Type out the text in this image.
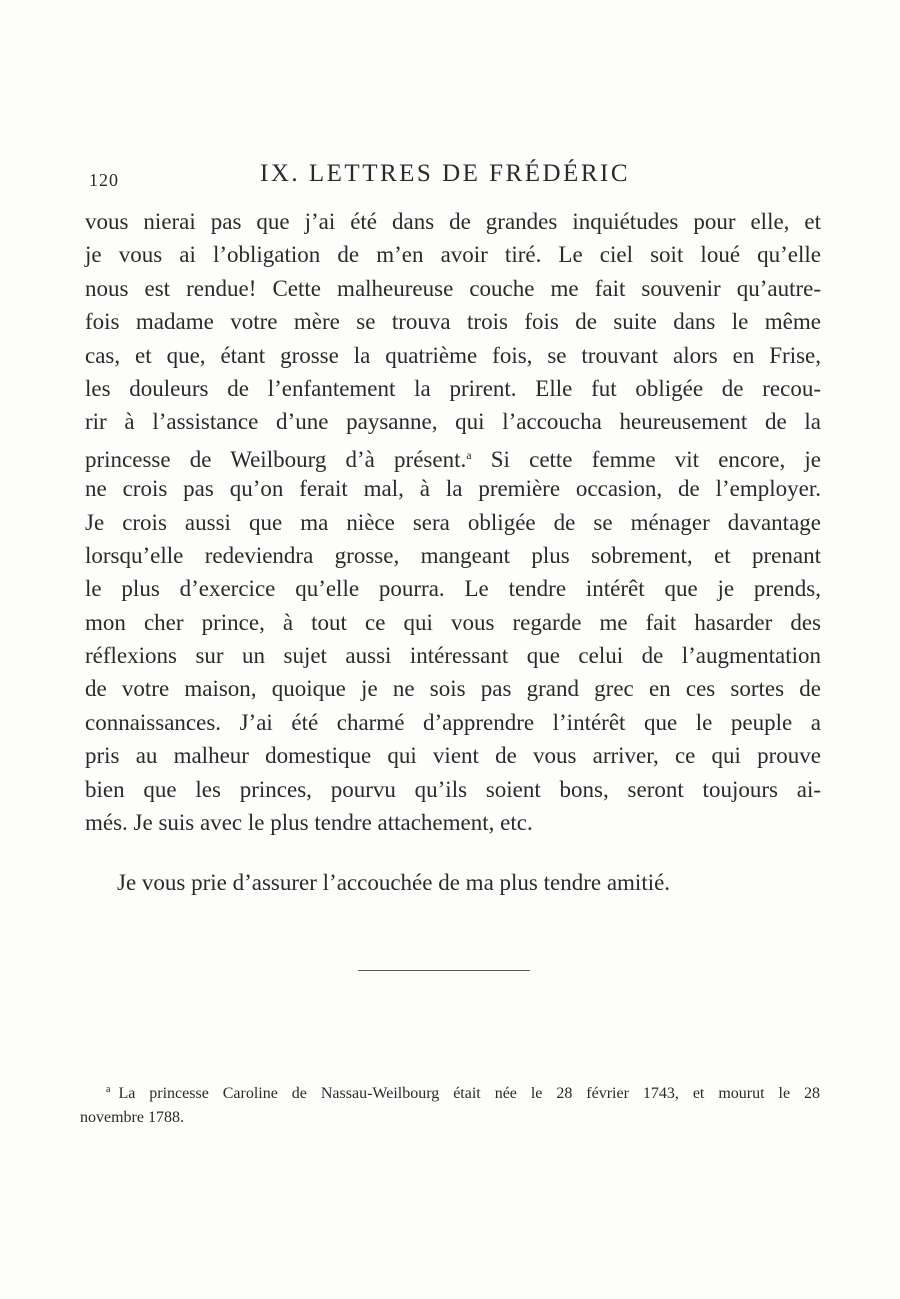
120	IX. LETTRES DE FRÉDÉRIC
vous nierai pas que j’ai été dans de grandes inquiétudes pour elle, et
je vous ai l’obligation de m’en avoir tiré. Le ciel soit loué qu’elle
nous est rendue! Cette malheureuse couche me fait souvenir qu’autre-
fois madame votre mère se trouva trois fois de suite dans le même
cas, et que, étant grosse la quatrième fois, se trouvant alors en Frise,
les douleurs de l’enfantement la prirent. Elle fut obligée de recou-
rir à l’assistance d’une paysanne, qui l’accoucha heureusement de la
princesse de Weilbourg d’à présent.$^a$ Si cette femme vit encore, je
ne crois pas qu’on ferait mal, à la première occasion, de l’employer.
Je crois aussi que ma nièce sera obligée de se ménager davantage
lorsqu’elle redeviendra grosse, mangeant plus sobrement, et prenant
le plus d’exercice qu’elle pourra. Le tendre intérêt que je prends,
mon cher prince, à tout ce qui vous regarde me fait hasarder des
réflexions sur un sujet aussi intéressant que celui de l’augmentation
de votre maison, quoique je ne sois pas grand grec en ces sortes de
connaissances. J’ai été charmé d’apprendre l’intérêt que le peuple a
pris au malheur domestique qui vient de vous arriver, ce qui prouve
bien que les princes, pourvu qu’ils soient bons, seront toujours ai-
més. Je suis avec le plus tendre attachement, etc.
Je vous prie d’assurer l’accouchée de ma plus tendre amitié.
$^a$ La princesse Caroline de Nassau-Weilbourg était née le 28 février 1743, et mourut le 28
novembre 1788.
